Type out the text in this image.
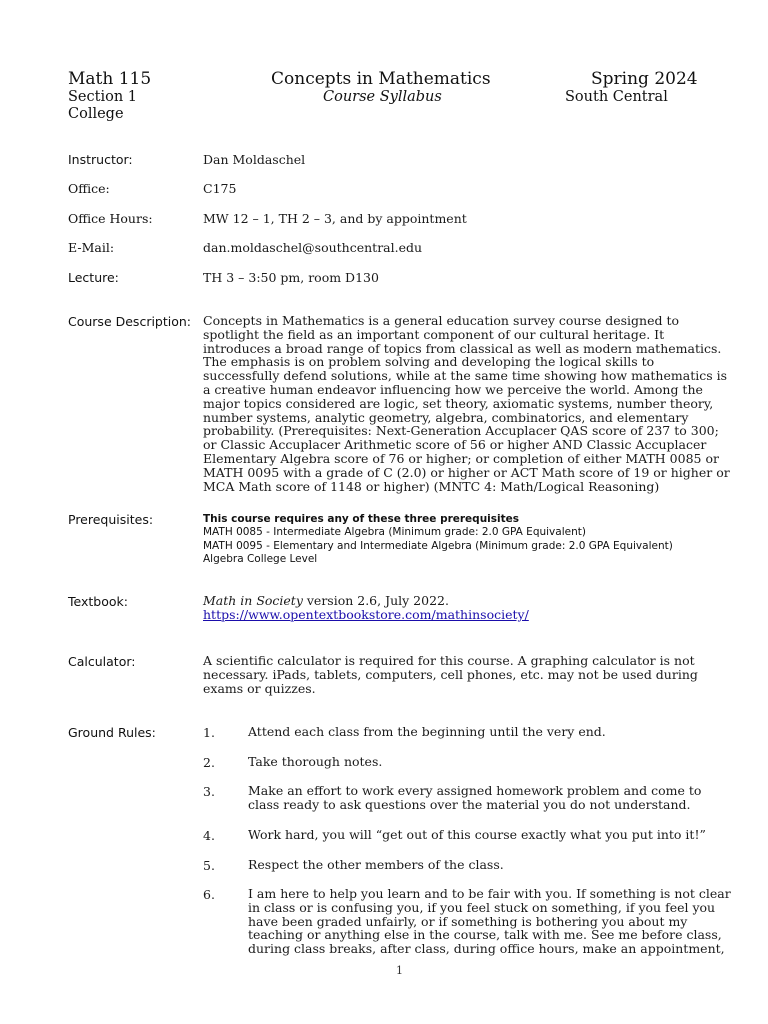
Math 115	Concepts in Mathematics	Spring 2024
Section 1	Course Syllabus	South Central
College
Instructor:	Dan Moldaschel
Office:	C175
Office Hours:	MW 12 – 1, TH 2 – 3, and by appointment
E-Mail:	dan.moldaschel@southcentral.edu
Lecture:	TH 3 – 3:50 pm, room D130
Course Description: Concepts in Mathematics is a general education survey course designed to spotlight the field as an important component of our cultural heritage. It introduces a broad range of topics from classical as well as modern mathematics. The emphasis is on problem solving and developing the logical skills to successfully defend solutions, while at the same time showing how mathematics is a creative human endeavor influencing how we perceive the world. Among the major topics considered are logic, set theory, axiomatic systems, number theory, number systems, analytic geometry, algebra, combinatorics, and elementary probability. (Prerequisites: Next-Generation Accuplacer QAS score of 237 to 300; or Classic Accuplacer Arithmetic score of 56 or higher AND Classic Accuplacer Elementary Algebra score of 76 or higher; or completion of either MATH 0085 or MATH 0095 with a grade of C (2.0) or higher or ACT Math score of 19 or higher or MCA Math score of 1148 or higher) (MNTC 4: Math/Logical Reasoning)

Prerequisites:	This course requires any of these three prerequisites
MATH 0085 - Intermediate Algebra (Minimum grade: 2.0 GPA Equivalent)
MATH 0095 - Elementary and Intermediate Algebra (Minimum grade: 2.0 GPA Equivalent)
Algebra College Level
Textbook:	Math in Society version 2.6, July 2022.
https://www.opentextbookstore.com/mathinsociety/
Calculator:	A scientific calculator is required for this course. A graphing calculator is not necessary. iPads, tablets, computers, cell phones, etc. may not be used during exams or quizzes.

Ground Rules:	1.	Attend each class from the beginning until the very end.

2.	Take thorough notes.

3.	Make an effort to work every assigned homework problem and come to class ready to ask questions over the material you do not understand.

4.	Work hard, you will “get out of this course exactly what you put into it!”

5.	Respect the other members of the class.

6.	I am here to help you learn and to be fair with you. If something is not clear in class or is confusing you, if you feel stuck on something, if you feel you have been graded unfairly, or if something is bothering you about my teaching or anything else in the course, talk with me. See me before class, during class breaks, after class, during office hours, make an appointment,

1
